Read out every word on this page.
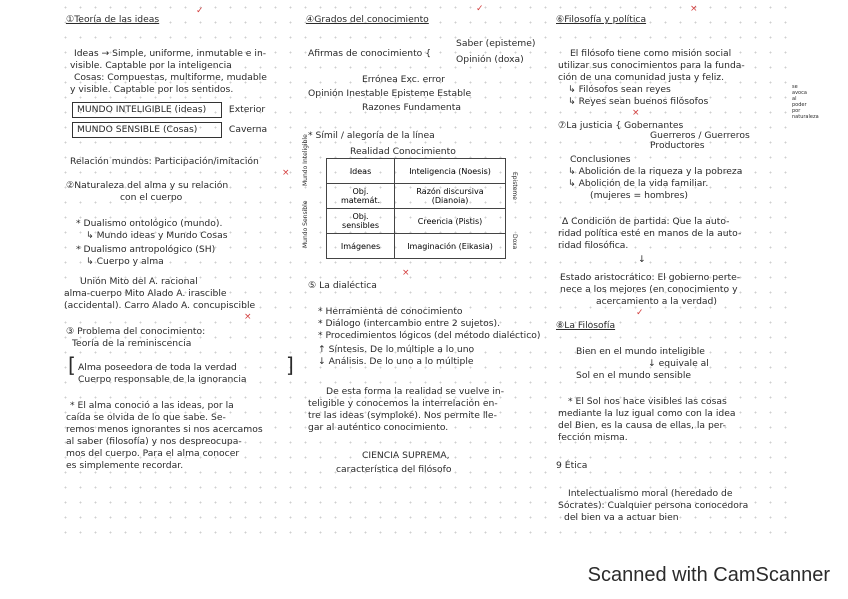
①Teoría de las ideas
Ideas → Simple, uniforme, inmutable e in-
visible. Captable por la inteligencia
Cosas: Compuestas, multiforme, mudable
y visible. Captable por los sentidos.
Relación mundos: Participación/imitación
②Naturaleza del alma y su relación
con el cuerpo
* Dualismo ontológico (mundo).
↳ Mundo ideas y Mundo Cosas
* Dualismo antropológico (SH)
↳ Cuerpo y alma
Unión Mito del A. racional
alma-cuerpo Mito Alado A. irascible
(accidental). Carro Alado A. concupiscible
③ Problema del conocimiento:
Teoría de la reminiscencia
Alma poseedora de toda la verdad
Cuerpo responsable de la ignorancia
* El alma conoció a las ideas, por la
caída se olvida de lo que sabe. Se-
remos menos ignorantes si nos acercamos
al saber (filosofía) y nos despreocupa-
mos del cuerpo. Para el alma conocer
es simplemente recordar.
④Grados del conocimiento
Saber (episteme)
Afirmas de conocimiento {
Opinión (doxa)
Errónea Exc. error
Opinión Inestable Episteme Estable
Razones Fundamenta
* Símil / alegoría de la línea
Realidad Conocimiento
⑤ La dialéctica
* Herramienta de conocimiento
* Diálogo (intercambio entre 2 sujetos).
* Procedimientos lógicos (del método dialéctico)
↑ Síntesis. De lo múltiple a lo uno
↓ Análisis. De lo uno a lo múltiple
De esta forma la realidad se vuelve in-
teligible y conocemos la interrelación en-
tre las ideas (symploké). Nos permite lle-
gar al auténtico conocimiento.
CIENCIA SUPREMA,
característica del filósofo
⑥Filosofía y política
El filósofo tiene como misión social
utilizar sus conocimientos para la funda-
ción de una comunidad justa y feliz.
↳ Filósofos sean reyes
↳ Reyes sean buenos filósofos
⑦La justicia { Gobernantes
Guerreros / Guerreros
Productores
Conclusiones
↳ Abolición de la riqueza y la pobreza
↳ Abolición de la vida familiar.
(mujeres = hombres)
∆ Condición de partida: Que la auto-
ridad política esté en manos de la auto-
ridad filosófica.
↓
Estado aristocrático: El gobierno perte-
nece a los mejores (en conocimiento y
acercamiento a la verdad)
⑧La Filosofía
Bien en el mundo inteligible
↓ equivale al
Sol en el mundo sensible
* El Sol nos hace visibles las cosas
mediante la luz igual como con la idea
del Bien, es la causa de ellas, la per-
fección misma.
9 Ética
Intelectualismo moral (heredado de
Sócrates): Cualquier persona conocedora
del bien va a actuar bien
MUNDO INTELIGIBLE (ideas) Exterior
MUNDO SENSIBLE (Cosas)	Caverna
Ideas	Inteligencia (Noesis)
Obj. matemát.	Razón discursiva (Dianoia)
Obj. sensibles	Creencia (Pistis)
Imágenes	Imaginación (Eikasia)
Mundo Inteligible
Mundo Sensible
Episteme
Doxa
se avoca al poder por naturaleza
✓
×
×
✓
×
×
×
✓
[	]
Scanned with CamScanner
